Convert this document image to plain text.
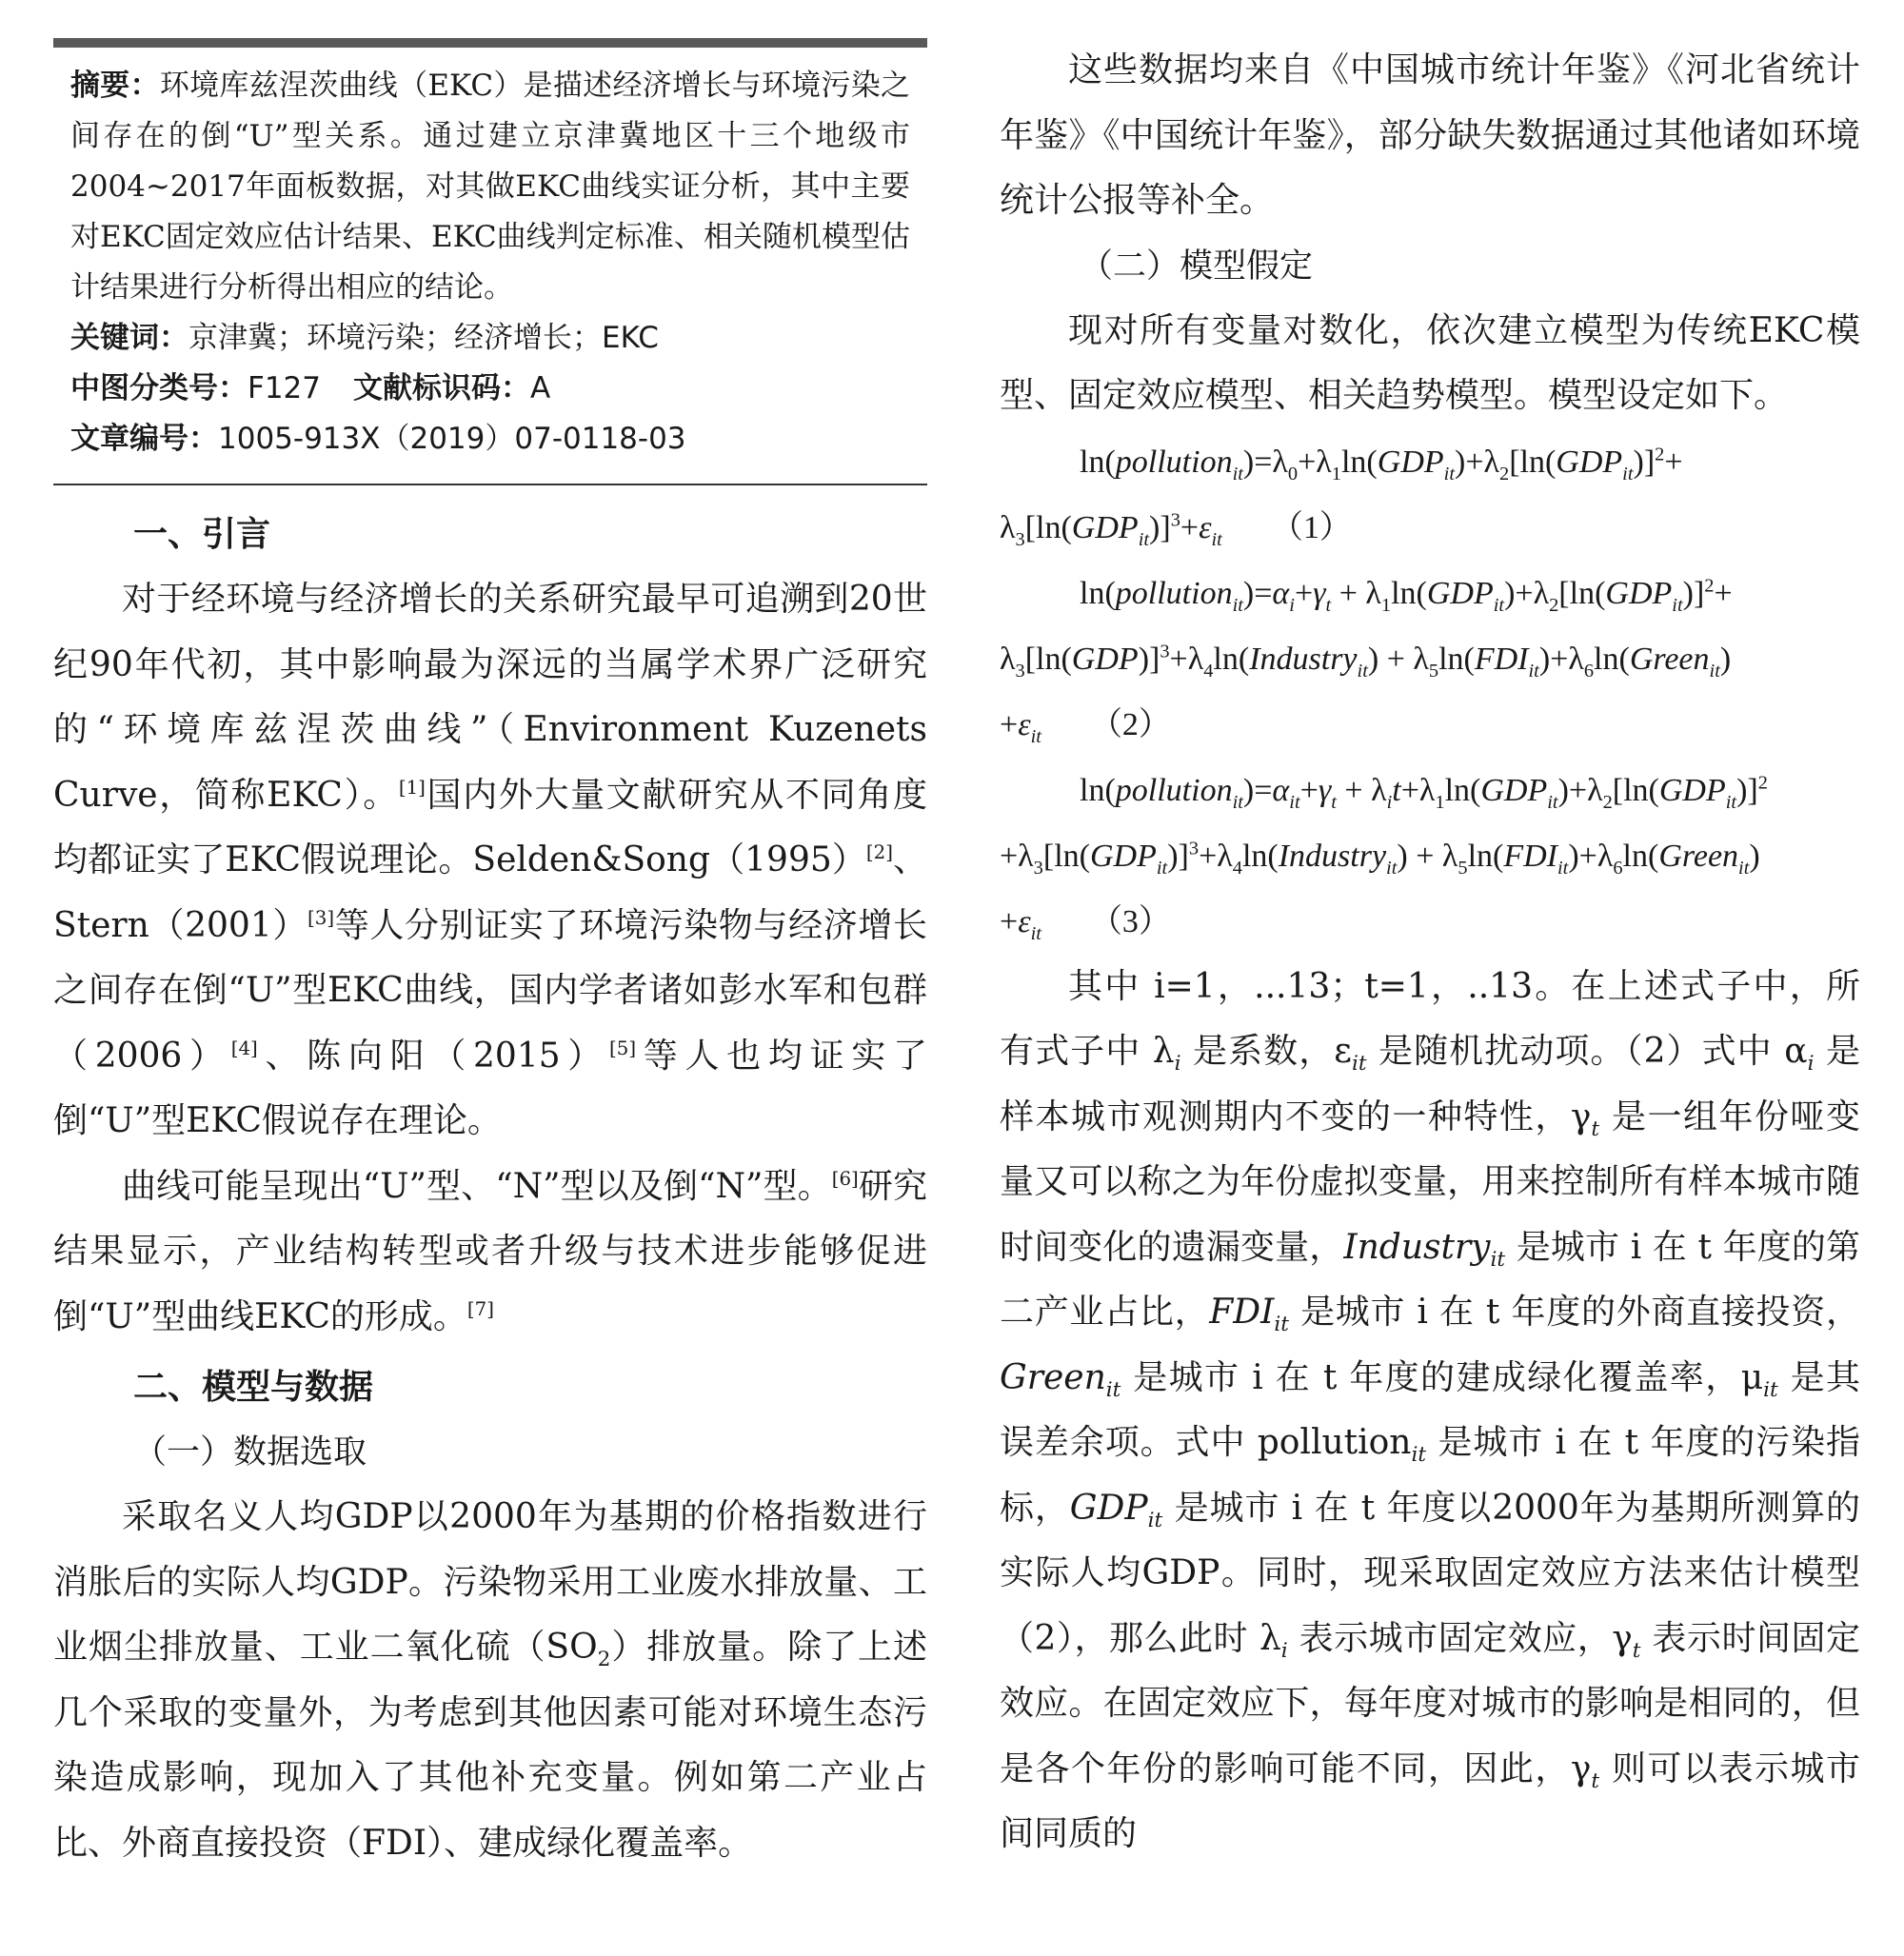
摘要：环境库兹涅茨曲线（EKC）是描述经济增长与环境污染之间存在的倒“U”型关系。通过建立京津冀地区十三个地级市2004~2017年面板数据，对其做EKC曲线实证分析，其中主要对EKC固定效应估计结果、EKC曲线判定标准、相关随机模型估计结果进行分析得出相应的结论。
关键词：京津冀；环境污染；经济增长；EKC
中图分类号：F127 文献标识码：A
文章编号：1005-913X（2019）07-0118-03
一、引言

对于经环境与经济增长的关系研究最早可追溯到20世纪90年代初，其中影响最为深远的当属学术界广泛研究的“环境库兹涅茨曲线”（Environment Kuzenets Curve，简称EKC）。[1]国内外大量文献研究从不同角度均都证实了EKC假说理论。Selden&Song（1995）[2]、Stern（2001）[3]等人分别证实了环境污染物与经济增长之间存在倒“U”型EKC曲线，国内学者诸如彭水军和包群（2006）[4]、陈向阳（2015）[5]等人也均证实了倒“U”型EKC假说存在理论。

曲线可能呈现出“U”型、“N”型以及倒“N”型。[6]研究结果显示，产业结构转型或者升级与技术进步能够促进倒“U”型曲线EKC的形成。[7]

二、模型与数据
（一）数据选取

采取名义人均GDP以2000年为基期的价格指数进行消胀后的实际人均GDP。污染物采用工业废水排放量、工业烟尘排放量、工业二氧化硫$(SO_2)$排放量。除了上述几个采取的变量外，为考虑到其他因素可能对环境生态污染造成影响，现加入了其他补充变量。例如第二产业占比、外商直接投资（FDI）、建成绿化覆盖率。

这些数据均来自《中国城市统计年鉴》《河北省统计年鉴》《中国统计年鉴》，部分缺失数据通过其他诸如环境统计公报等补全。

（二）模型假定

现对所有变量对数化，依次建立模型为传统EKC模型、固定效应模型、相关趋势模型。模型设定如下。

$\ln(pollution_{it})=\lambda_0+\lambda_1\ln(GDP_{it})+\lambda_2[\ln(GDP_{it})]^2+$
$\lambda_3[\ln(GDP_{it})]^3+\varepsilon_{it}$ （1）
$\ln(pollution_{it})=\alpha_i+\gamma_t + \lambda_1\ln(GDP_{it})+\lambda_2[\ln(GDP_{it})]^2+$
$\lambda_3[\ln(GDP)]^3+\lambda_4\ln(Industry_{it})$ + $\lambda_5\ln(FDI_{it})+\lambda_6\ln(Green_{it})$
$+\varepsilon_{it}$ （2）
$\ln(pollution_{it})=\alpha_{it}+\gamma_t + \lambda_it+\lambda_1\ln(GDP_{it})+\lambda_2[\ln(GDP_{it})]^2$
$+\lambda_3[\ln(GDP_{it})]^3+\lambda_4\ln(Industry_{it})$ + $\lambda_5\ln(FDI_{it})+\lambda_6\ln(Green_{it})$
$+\varepsilon_{it}$ （3）

其中 i=1，...13；t=1，..13。在上述式子中，所有式子中 $\lambda_i$ 是系数，$\varepsilon_{it}$ 是随机扰动项。（2）式中 $\alpha_i$ 是样本城市观测期内不变的一种特性，$\gamma_t$ 是一组年份哑变量又可以称之为年份虚拟变量，用来控制所有样本城市随时间变化的遗漏变量，Industry$_{it}$ 是城市 i 在 t 年度的第二产业占比，$FDI_{it}$ 是城市 i 在 t 年度的外商直接投资，Green$_{it}$ 是城市 i 在 t 年度的建成绿化覆盖率，$\mu_{it}$ 是其误差余项。式中 pollution$_{it}$ 是城市 i 在 t 年度的污染指标，$GDP_{it}$ 是城市 i 在 t 年度以2000年为基期所测算的实际人均GDP。同时，现采取固定效应方法来估计模型（2），那么此时 $\lambda_i$ 表示城市固定效应，$\gamma_t$ 表示时间固定效应。在固定效应下，每年度对城市的影响是相同的，但是各个年份的影响可能不同，因此，$\gamma_t$ 则可以表示城市间同质的
